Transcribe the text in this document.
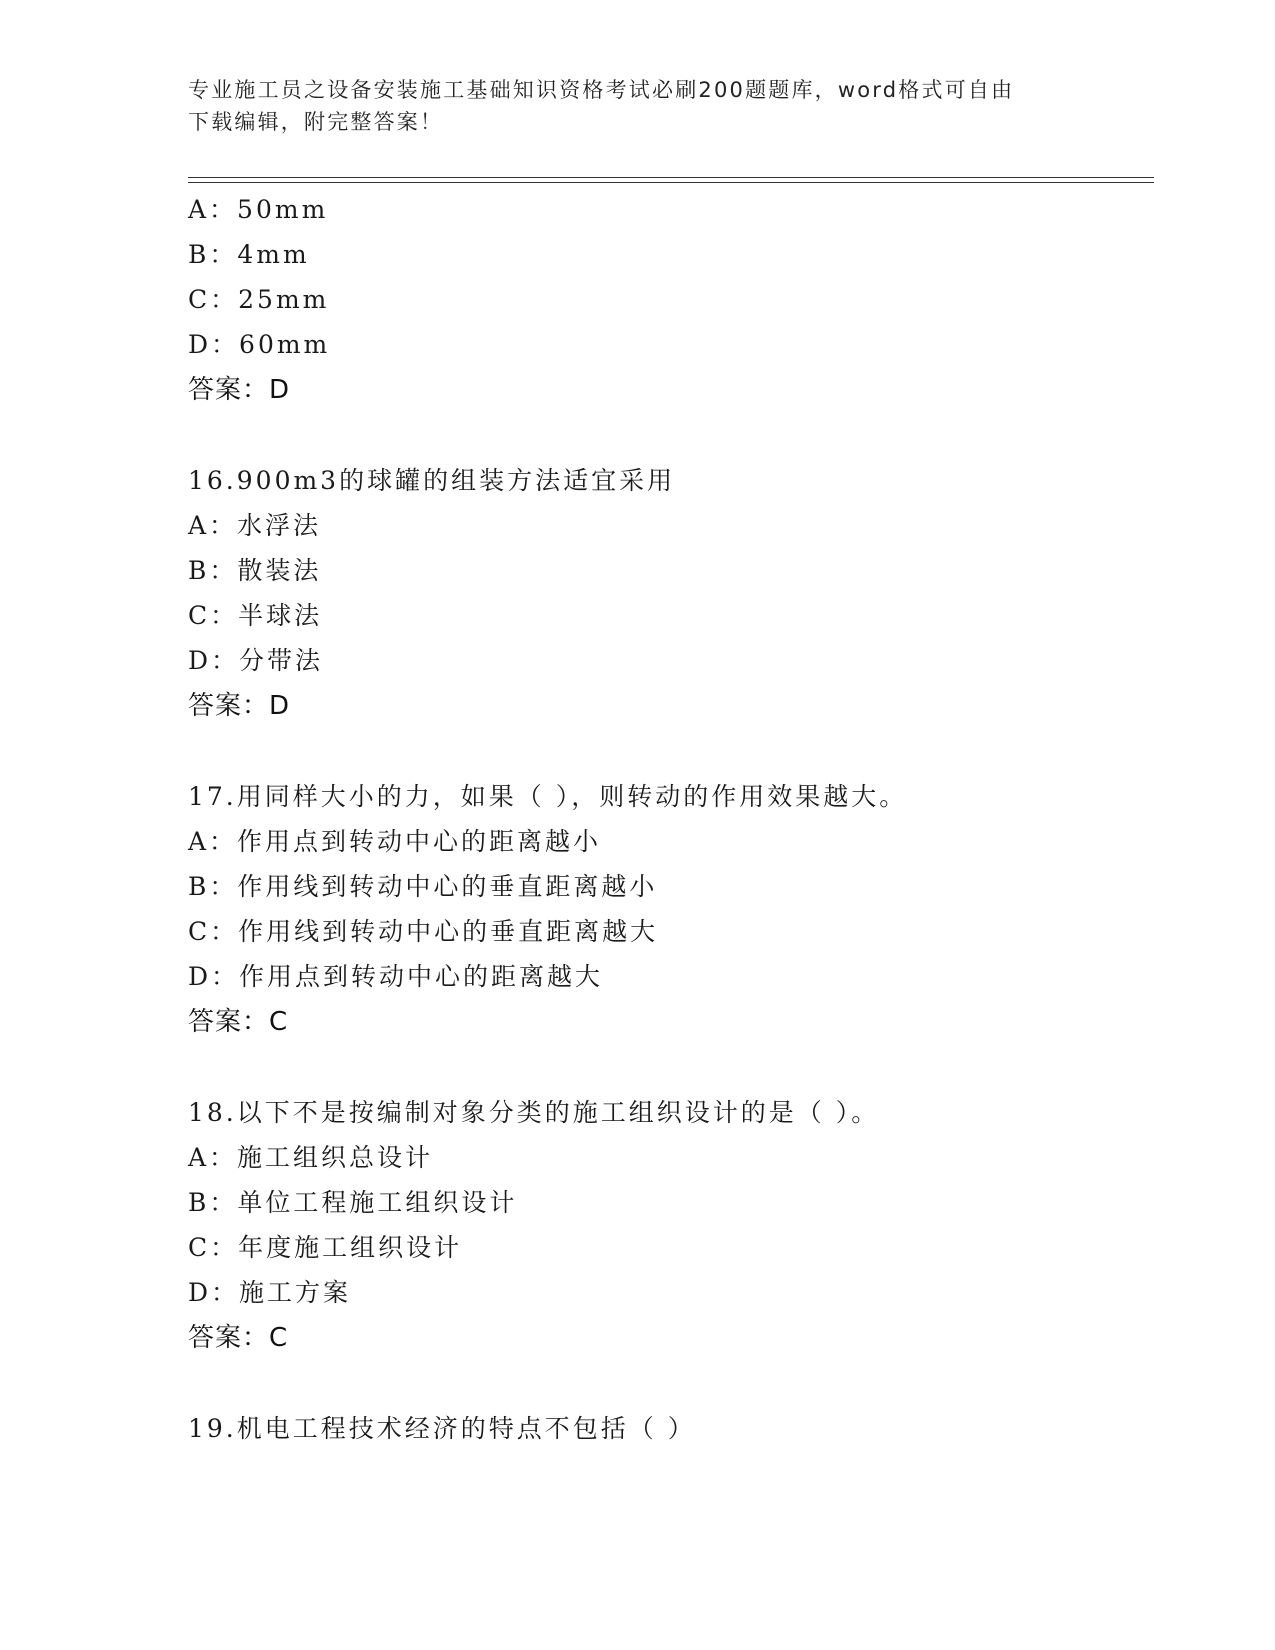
专业施工员之设备安装施工基础知识资格考试必刷200题题库，word格式可自由
下载编辑，附完整答案！
A：50mm
B：4mm
C：25mm
D：60mm
答案：D
16.900m3的球罐的组装方法适宜采用
A：水浮法
B：散装法
C：半球法
D：分带法
答案：D
17.用同样大小的力，如果（ ），则转动的作用效果越大。
A：作用点到转动中心的距离越小
B：作用线到转动中心的垂直距离越小
C：作用线到转动中心的垂直距离越大
D：作用点到转动中心的距离越大
答案：C
18.以下不是按编制对象分类的施工组织设计的是（ ）。
A：施工组织总设计
B：单位工程施工组织设计
C：年度施工组织设计
D：施工方案
答案：C
19.机电工程技术经济的特点不包括（ ）
